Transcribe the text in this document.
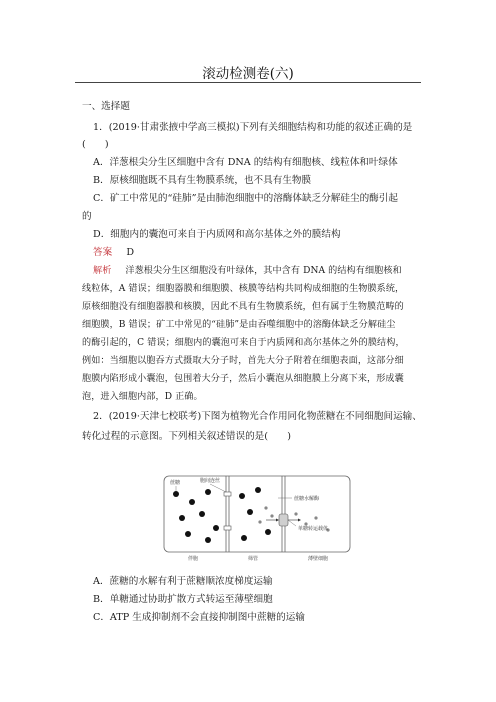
滚动检测卷(六)
一、选择题
1．(2019·甘肃张掖中学高三模拟)下列有关细胞结构和功能的叙述正确的是
(　　)
A．洋葱根尖分生区细胞中含有 DNA 的结构有细胞核、线粒体和叶绿体
B．原核细胞既不具有生物膜系统，也不具有生物膜
C．矿工中常见的“硅肺”是由肺泡细胞中的溶酶体缺乏分解硅尘的酶引起
的
D．细胞内的囊泡可来自于内质网和高尔基体之外的膜结构
答案 D
解析 洋葱根尖分生区细胞没有叶绿体，其中含有 DNA 的结构有细胞核和
线粒体，A 错误；细胞器膜和细胞膜、核膜等结构共同构成细胞的生物膜系统，
原核细胞没有细胞器膜和核膜，因此不具有生物膜系统，但有属于生物膜范畴的
细胞膜，B 错误；矿工中常见的“硅肺”是由吞噬细胞中的溶酶体缺乏分解硅尘
的酶引起的，C 错误；细胞内的囊泡可来自于内质网和高尔基体之外的膜结构，
例如：当细胞以胞吞方式摄取大分子时，首先大分子附着在细胞表面，这部分细
胞膜内陷形成小囊泡，包围着大分子，然后小囊泡从细胞膜上分离下来，形成囊
泡，进入细胞内部，D 正确。
2．(2019·天津七校联考)下图为植物光合作用同化物蔗糖在不同细胞间运输、
转化过程的示意图。下列相关叙述错误的是(　　)
蔗糖	胞间连丝
蔗糖水解酶
单糖转运载体
伴胞	筛管	薄壁细胞
A．蔗糖的水解有利于蔗糖顺浓度梯度运输
B．单糖通过协助扩散方式转运至薄壁细胞
C．ATP 生成抑制剂不会直接抑制图中蔗糖的运输
